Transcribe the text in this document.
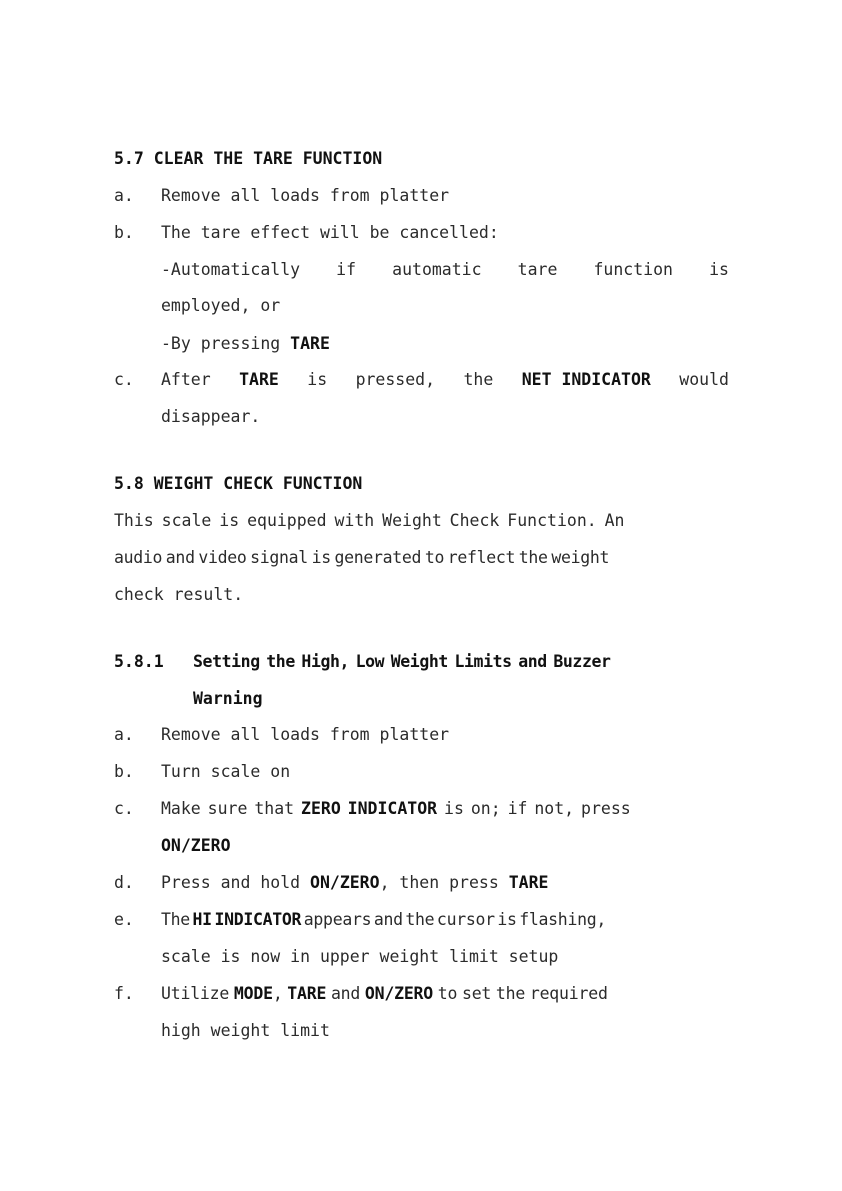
5.7 CLEAR THE TARE FUNCTION
a. Remove all loads from platter
b. The tare effect will be cancelled:
-Automatically if automatic tare function is
employed, or
-By pressing TARE
c. After TARE is pressed, the NET INDICATOR would
disappear.
5.8 WEIGHT CHECK FUNCTION
This scale is equipped with Weight Check Function. An
audio and video signal is generated to reflect the weight
check result.
5.8.1 Setting the High, Low Weight Limits and Buzzer
Warning
a. Remove all loads from platter
b. Turn scale on
c. Make sure that ZERO INDICATOR is on; if not, press
ON/ZERO
d. Press and hold ON/ZERO, then press TARE
e. The HI INDICATOR appears and the cursor is flashing,
scale is now in upper weight limit setup
f. Utilize MODE, TARE and ON/ZERO to set the required
high weight limit
